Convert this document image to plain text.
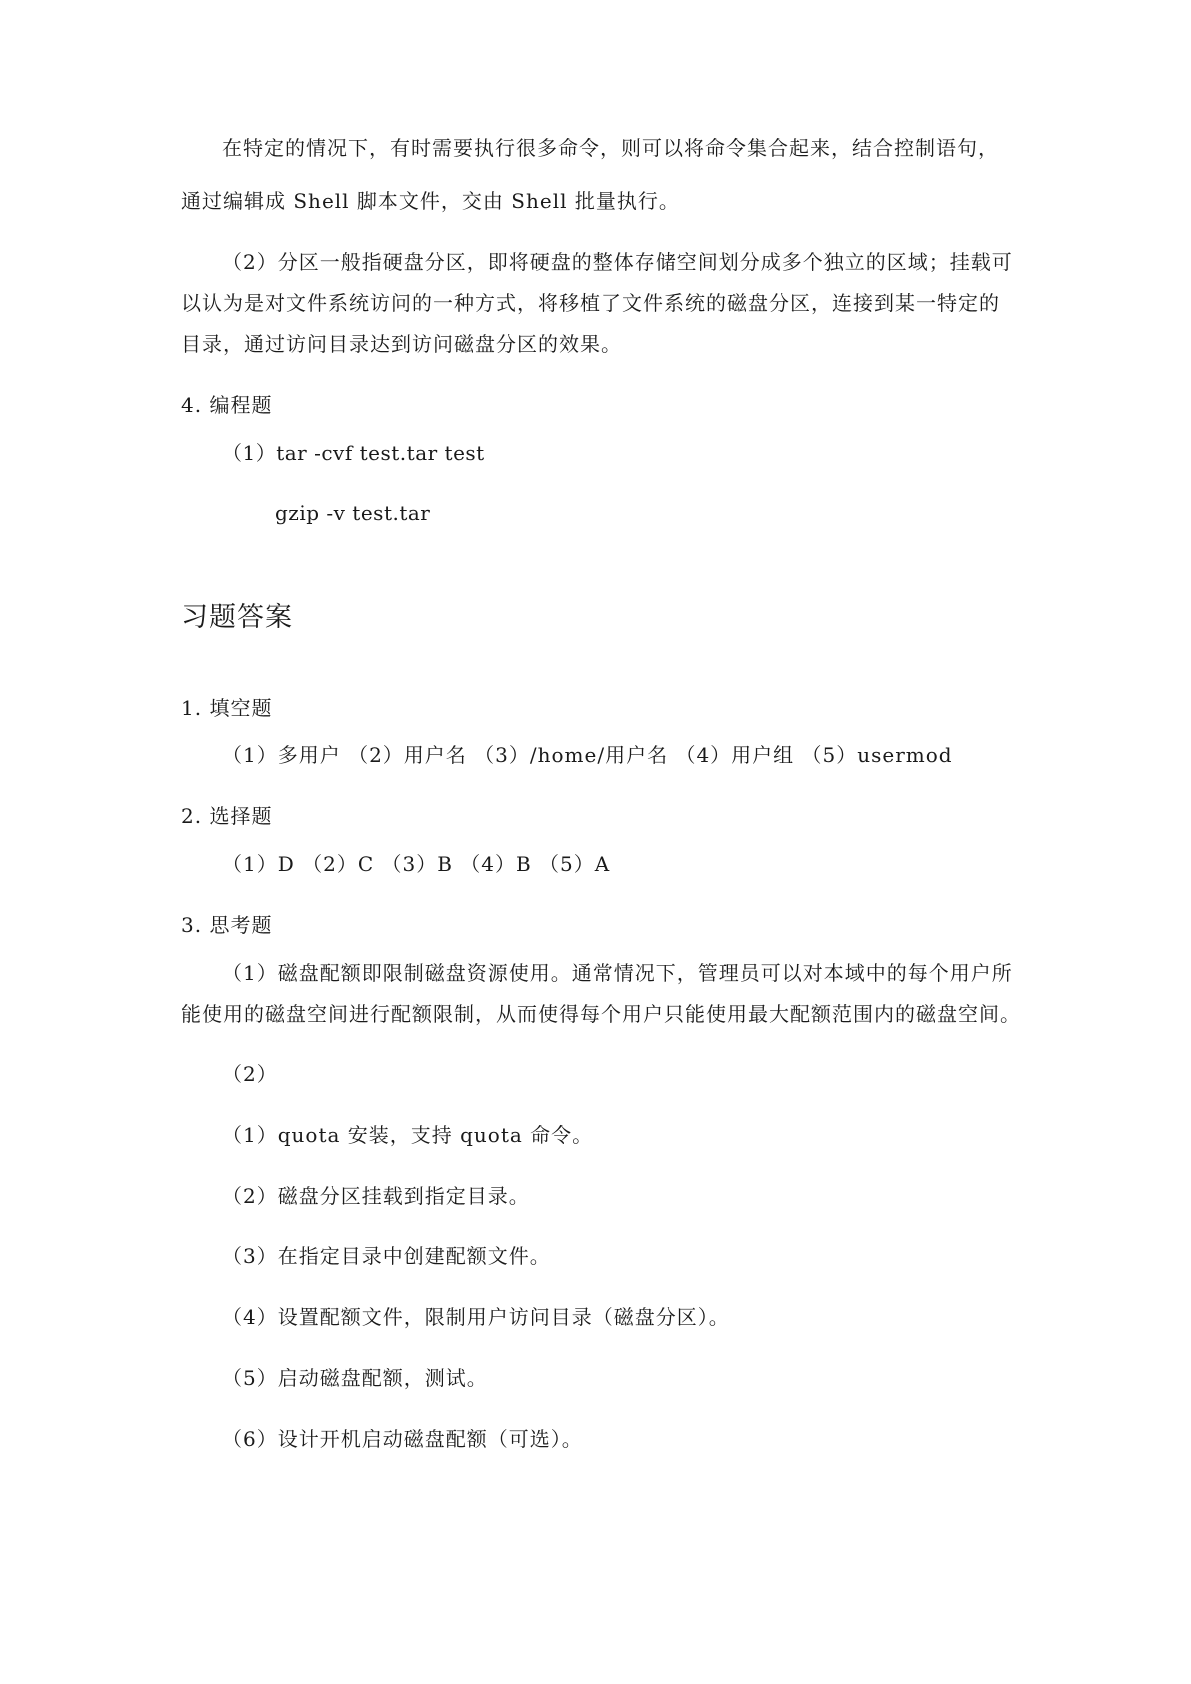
在特定的情况下，有时需要执行很多命令，则可以将命令集合起来，结合控制语句，
通过编辑成 Shell 脚本文件，交由 Shell 批量执行。
（2）分区一般指硬盘分区，即将硬盘的整体存储空间划分成多个独立的区域；挂载可
以认为是对文件系统访问的一种方式，将移植了文件系统的磁盘分区，连接到某一特定的
目录，通过访问目录达到访问磁盘分区的效果。
4. 编程题
（1）tar -cvf test.tar test
gzip -v test.tar
习题答案
1. 填空题
（1）多用户 （2）用户名 （3）/home/用户名 （4）用户组 （5）usermod
2. 选择题
（1）D （2）C （3）B （4）B （5）A
3. 思考题
（1）磁盘配额即限制磁盘资源使用。通常情况下，管理员可以对本域中的每个用户所
能使用的磁盘空间进行配额限制，从而使得每个用户只能使用最大配额范围内的磁盘空间。
（2）
（1）quota 安装，支持 quota 命令。
（2）磁盘分区挂载到指定目录。
（3）在指定目录中创建配额文件。
（4）设置配额文件，限制用户访问目录（磁盘分区）。
（5）启动磁盘配额，测试。
（6）设计开机启动磁盘配额（可选）。
